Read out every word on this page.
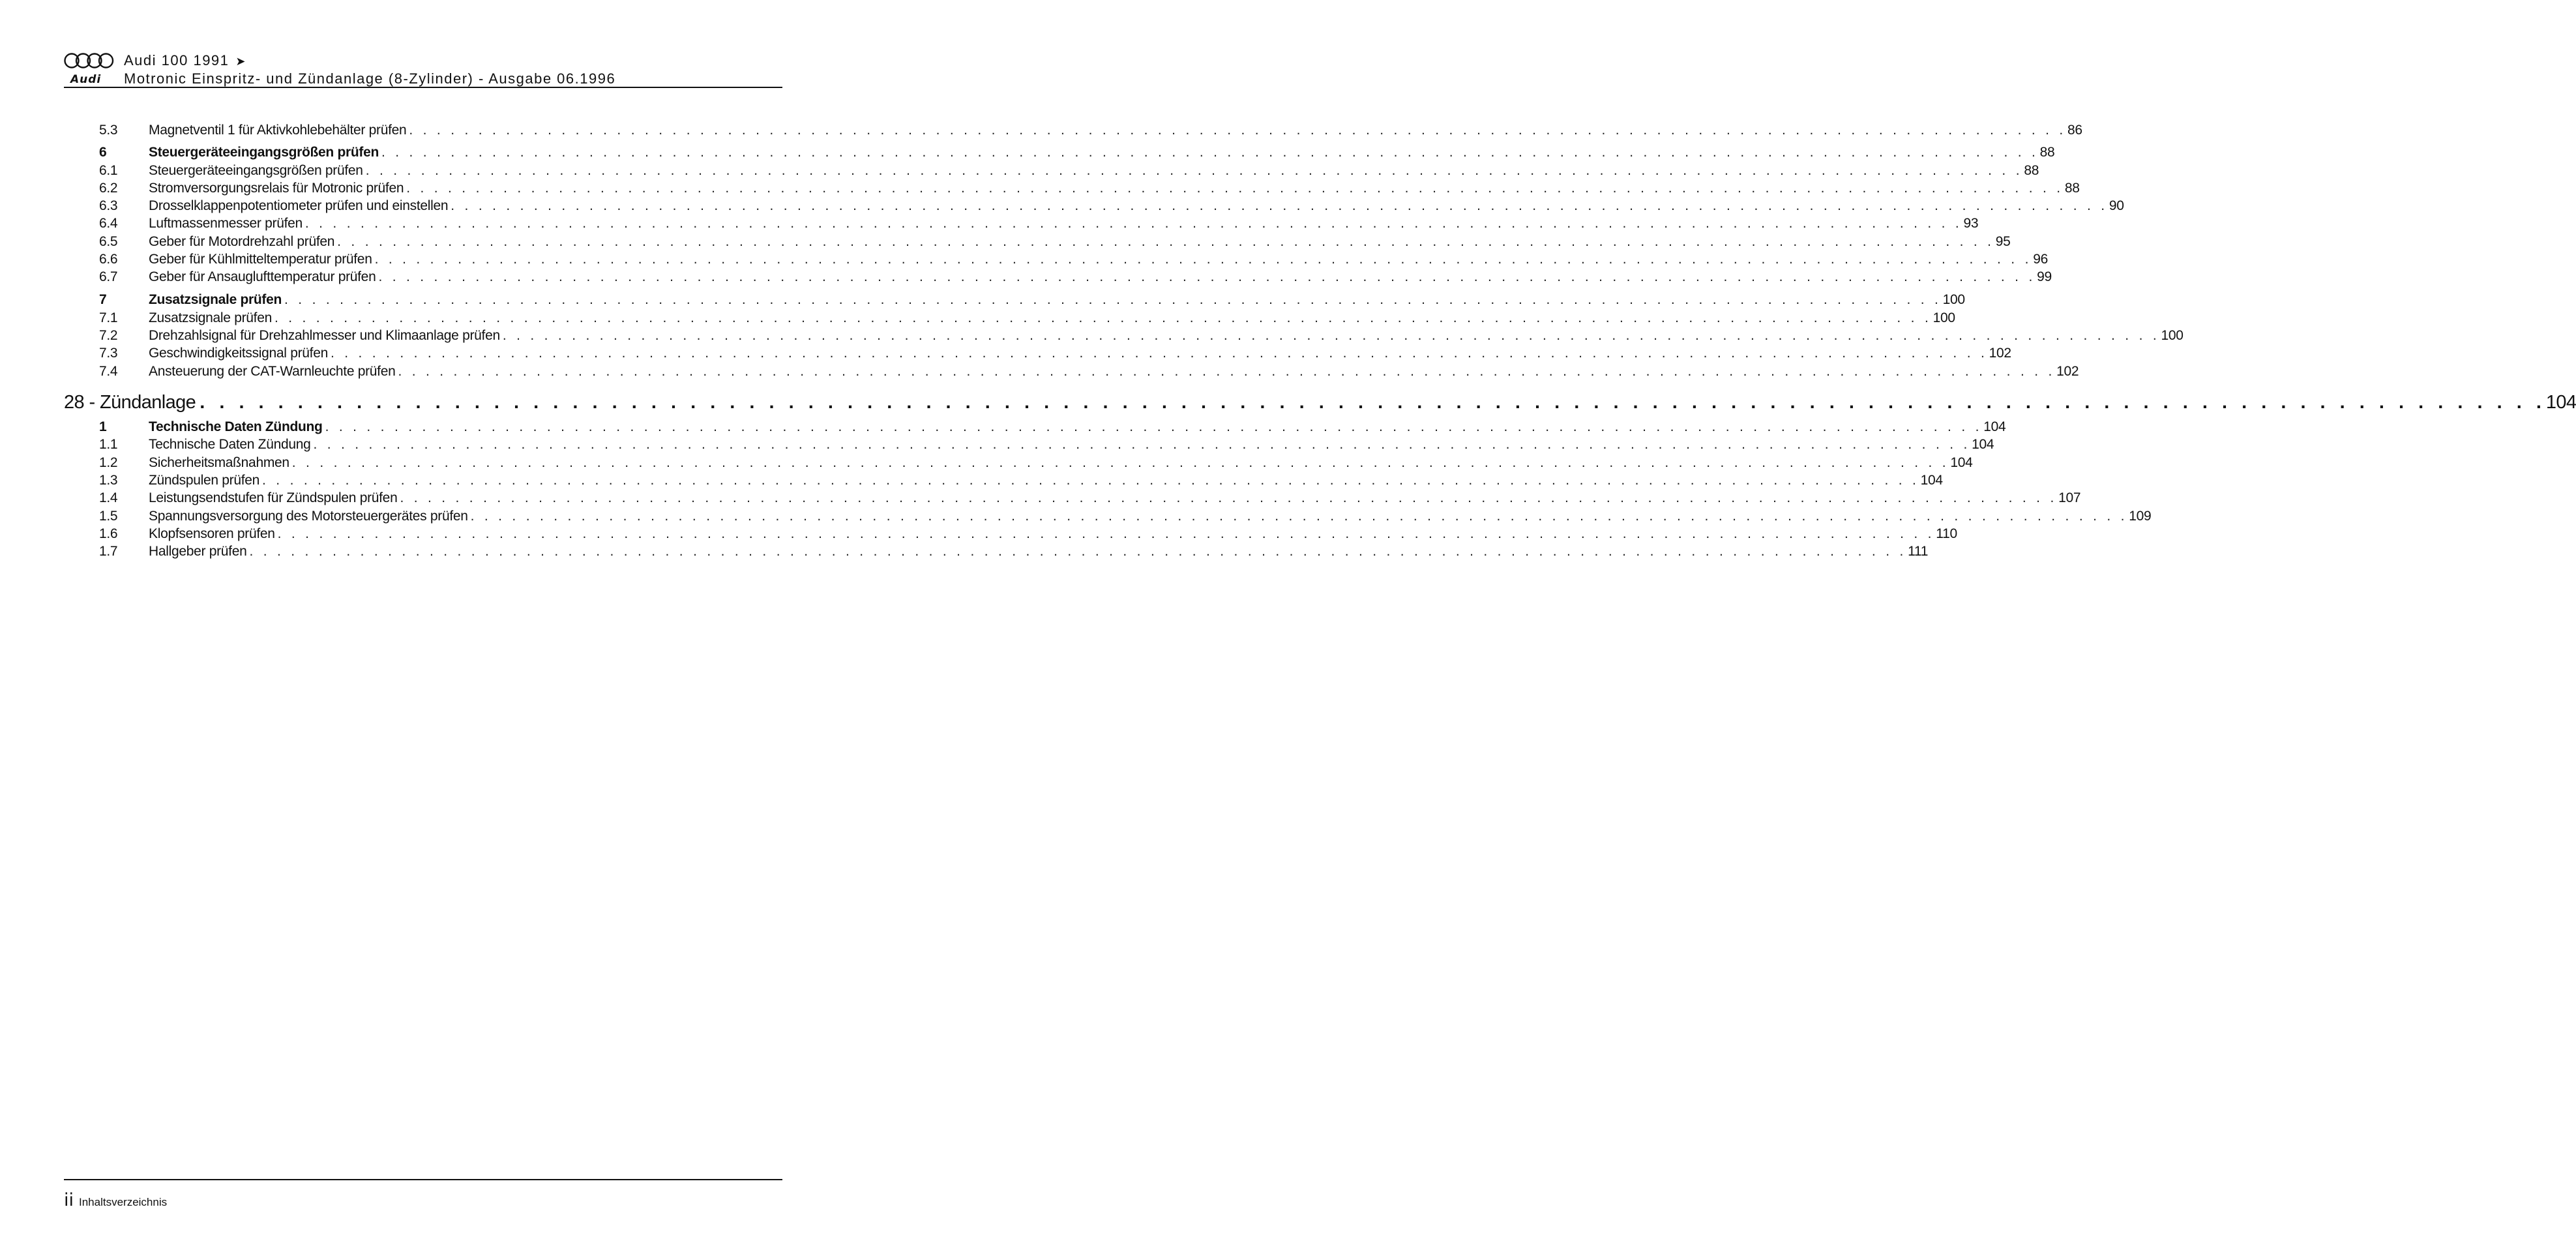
Audi
Audi 100 1991 ➤
Motronic Einspritz- und Zündanlage (8-Zylinder) - Ausgabe 06.1996
5.3	Magnetventil 1 für Aktivkohlebehälter prüfen . . . . . . . . . . . . . . . . . . . . . . . . . . . . . . . . . . . . . . . . . . . . . . . . . . . . . . . . . . . . . . . . . . . . . . . . . . . . . . . . . . . . . . . . . . . . . . . . . . . . . . . . . . . . . . . . . . . . . . . . 86
6	Steuergeräteeingangsgrößen prüfen . . . . . . . . . . . . . . . . . . . . . . . . . . . . . . . . . . . . . . . . . . . . . . . . . . . . . . . . . . . . . . . . . . . . . . . . . . . . . . . . . . . . . . . . . . . . . . . . . . . . . . . . . . . . . . . . . . . . . . . . 88
6.1	Steuergeräteeingangsgrößen prüfen . . . . . . . . . . . . . . . . . . . . . . . . . . . . . . . . . . . . . . . . . . . . . . . . . . . . . . . . . . . . . . . . . . . . . . . . . . . . . . . . . . . . . . . . . . . . . . . . . . . . . . . . . . . . . . . . . . . . . . . . 88
6.2	Stromversorgungsrelais für Motronic prüfen . . . . . . . . . . . . . . . . . . . . . . . . . . . . . . . . . . . . . . . . . . . . . . . . . . . . . . . . . . . . . . . . . . . . . . . . . . . . . . . . . . . . . . . . . . . . . . . . . . . . . . . . . . . . . . . . . . . . . . . . 88
6.3	Drosselklappenpotentiometer prüfen und einstellen . . . . . . . . . . . . . . . . . . . . . . . . . . . . . . . . . . . . . . . . . . . . . . . . . . . . . . . . . . . . . . . . . . . . . . . . . . . . . . . . . . . . . . . . . . . . . . . . . . . . . . . . . . . . . . . . . . . . . . . . 90
6.4	Luftmassenmesser prüfen . . . . . . . . . . . . . . . . . . . . . . . . . . . . . . . . . . . . . . . . . . . . . . . . . . . . . . . . . . . . . . . . . . . . . . . . . . . . . . . . . . . . . . . . . . . . . . . . . . . . . . . . . . . . . . . . . . . . . . . . 93
6.5	Geber für Motordrehzahl prüfen . . . . . . . . . . . . . . . . . . . . . . . . . . . . . . . . . . . . . . . . . . . . . . . . . . . . . . . . . . . . . . . . . . . . . . . . . . . . . . . . . . . . . . . . . . . . . . . . . . . . . . . . . . . . . . . . . . . . . . . . 95
6.6	Geber für Kühlmitteltemperatur prüfen . . . . . . . . . . . . . . . . . . . . . . . . . . . . . . . . . . . . . . . . . . . . . . . . . . . . . . . . . . . . . . . . . . . . . . . . . . . . . . . . . . . . . . . . . . . . . . . . . . . . . . . . . . . . . . . . . . . . . . . . 96
6.7	Geber für Ansauglufttemperatur prüfen . . . . . . . . . . . . . . . . . . . . . . . . . . . . . . . . . . . . . . . . . . . . . . . . . . . . . . . . . . . . . . . . . . . . . . . . . . . . . . . . . . . . . . . . . . . . . . . . . . . . . . . . . . . . . . . . . . . . . . . . 99
7	Zusatzsignale prüfen . . . . . . . . . . . . . . . . . . . . . . . . . . . . . . . . . . . . . . . . . . . . . . . . . . . . . . . . . . . . . . . . . . . . . . . . . . . . . . . . . . . . . . . . . . . . . . . . . . . . . . . . . . . . . . . . . . . . . . . . 100
7.1	Zusatzsignale prüfen . . . . . . . . . . . . . . . . . . . . . . . . . . . . . . . . . . . . . . . . . . . . . . . . . . . . . . . . . . . . . . . . . . . . . . . . . . . . . . . . . . . . . . . . . . . . . . . . . . . . . . . . . . . . . . . . . . . . . . . . 100
7.2	Drehzahlsignal für Drehzahlmesser und Klimaanlage prüfen . . . . . . . . . . . . . . . . . . . . . . . . . . . . . . . . . . . . . . . . . . . . . . . . . . . . . . . . . . . . . . . . . . . . . . . . . . . . . . . . . . . . . . . . . . . . . . . . . . . . . . . . . . . . . . . . . . . . . . . . 100
7.3	Geschwindigkeitssignal prüfen . . . . . . . . . . . . . . . . . . . . . . . . . . . . . . . . . . . . . . . . . . . . . . . . . . . . . . . . . . . . . . . . . . . . . . . . . . . . . . . . . . . . . . . . . . . . . . . . . . . . . . . . . . . . . . . . . . . . . . . . 102
7.4	Ansteuerung der CAT-Warnleuchte prüfen . . . . . . . . . . . . . . . . . . . . . . . . . . . . . . . . . . . . . . . . . . . . . . . . . . . . . . . . . . . . . . . . . . . . . . . . . . . . . . . . . . . . . . . . . . . . . . . . . . . . . . . . . . . . . . . . . . . . . . . . 102
28 - Zündanlage . . . . . . . . . . . . . . . . . . . . . . . . . . . . . . . . . . . . . . . . . . . . . . . . . . . . . . . . . . . . . . . . . . . . . . . . . . . . . . . . . . . . . . . . . . . . . . . . . . . . . . . . . . . . . . . . . . . . . . . . 104
1	Technische Daten Zündung . . . . . . . . . . . . . . . . . . . . . . . . . . . . . . . . . . . . . . . . . . . . . . . . . . . . . . . . . . . . . . . . . . . . . . . . . . . . . . . . . . . . . . . . . . . . . . . . . . . . . . . . . . . . . . . . . . . . . . . . 104
1.1	Technische Daten Zündung . . . . . . . . . . . . . . . . . . . . . . . . . . . . . . . . . . . . . . . . . . . . . . . . . . . . . . . . . . . . . . . . . . . . . . . . . . . . . . . . . . . . . . . . . . . . . . . . . . . . . . . . . . . . . . . . . . . . . . . . 104
1.2	Sicherheitsmaßnahmen . . . . . . . . . . . . . . . . . . . . . . . . . . . . . . . . . . . . . . . . . . . . . . . . . . . . . . . . . . . . . . . . . . . . . . . . . . . . . . . . . . . . . . . . . . . . . . . . . . . . . . . . . . . . . . . . . . . . . . . . 104
1.3	Zündspulen prüfen . . . . . . . . . . . . . . . . . . . . . . . . . . . . . . . . . . . . . . . . . . . . . . . . . . . . . . . . . . . . . . . . . . . . . . . . . . . . . . . . . . . . . . . . . . . . . . . . . . . . . . . . . . . . . . . . . . . . . . . . 104
1.4	Leistungsendstufen für Zündspulen prüfen . . . . . . . . . . . . . . . . . . . . . . . . . . . . . . . . . . . . . . . . . . . . . . . . . . . . . . . . . . . . . . . . . . . . . . . . . . . . . . . . . . . . . . . . . . . . . . . . . . . . . . . . . . . . . . . . . . . . . . . . 107
1.5	Spannungsversorgung des Motorsteuergerätes prüfen . . . . . . . . . . . . . . . . . . . . . . . . . . . . . . . . . . . . . . . . . . . . . . . . . . . . . . . . . . . . . . . . . . . . . . . . . . . . . . . . . . . . . . . . . . . . . . . . . . . . . . . . . . . . . . . . . . . . . . . . 109
1.6	Klopfsensoren prüfen . . . . . . . . . . . . . . . . . . . . . . . . . . . . . . . . . . . . . . . . . . . . . . . . . . . . . . . . . . . . . . . . . . . . . . . . . . . . . . . . . . . . . . . . . . . . . . . . . . . . . . . . . . . . . . . . . . . . . . . . 110
1.7	Hallgeber prüfen . . . . . . . . . . . . . . . . . . . . . . . . . . . . . . . . . . . . . . . . . . . . . . . . . . . . . . . . . . . . . . . . . . . . . . . . . . . . . . . . . . . . . . . . . . . . . . . . . . . . . . . . . . . . . . . . . . . . . . . . 111
ii Inhaltsverzeichnis
